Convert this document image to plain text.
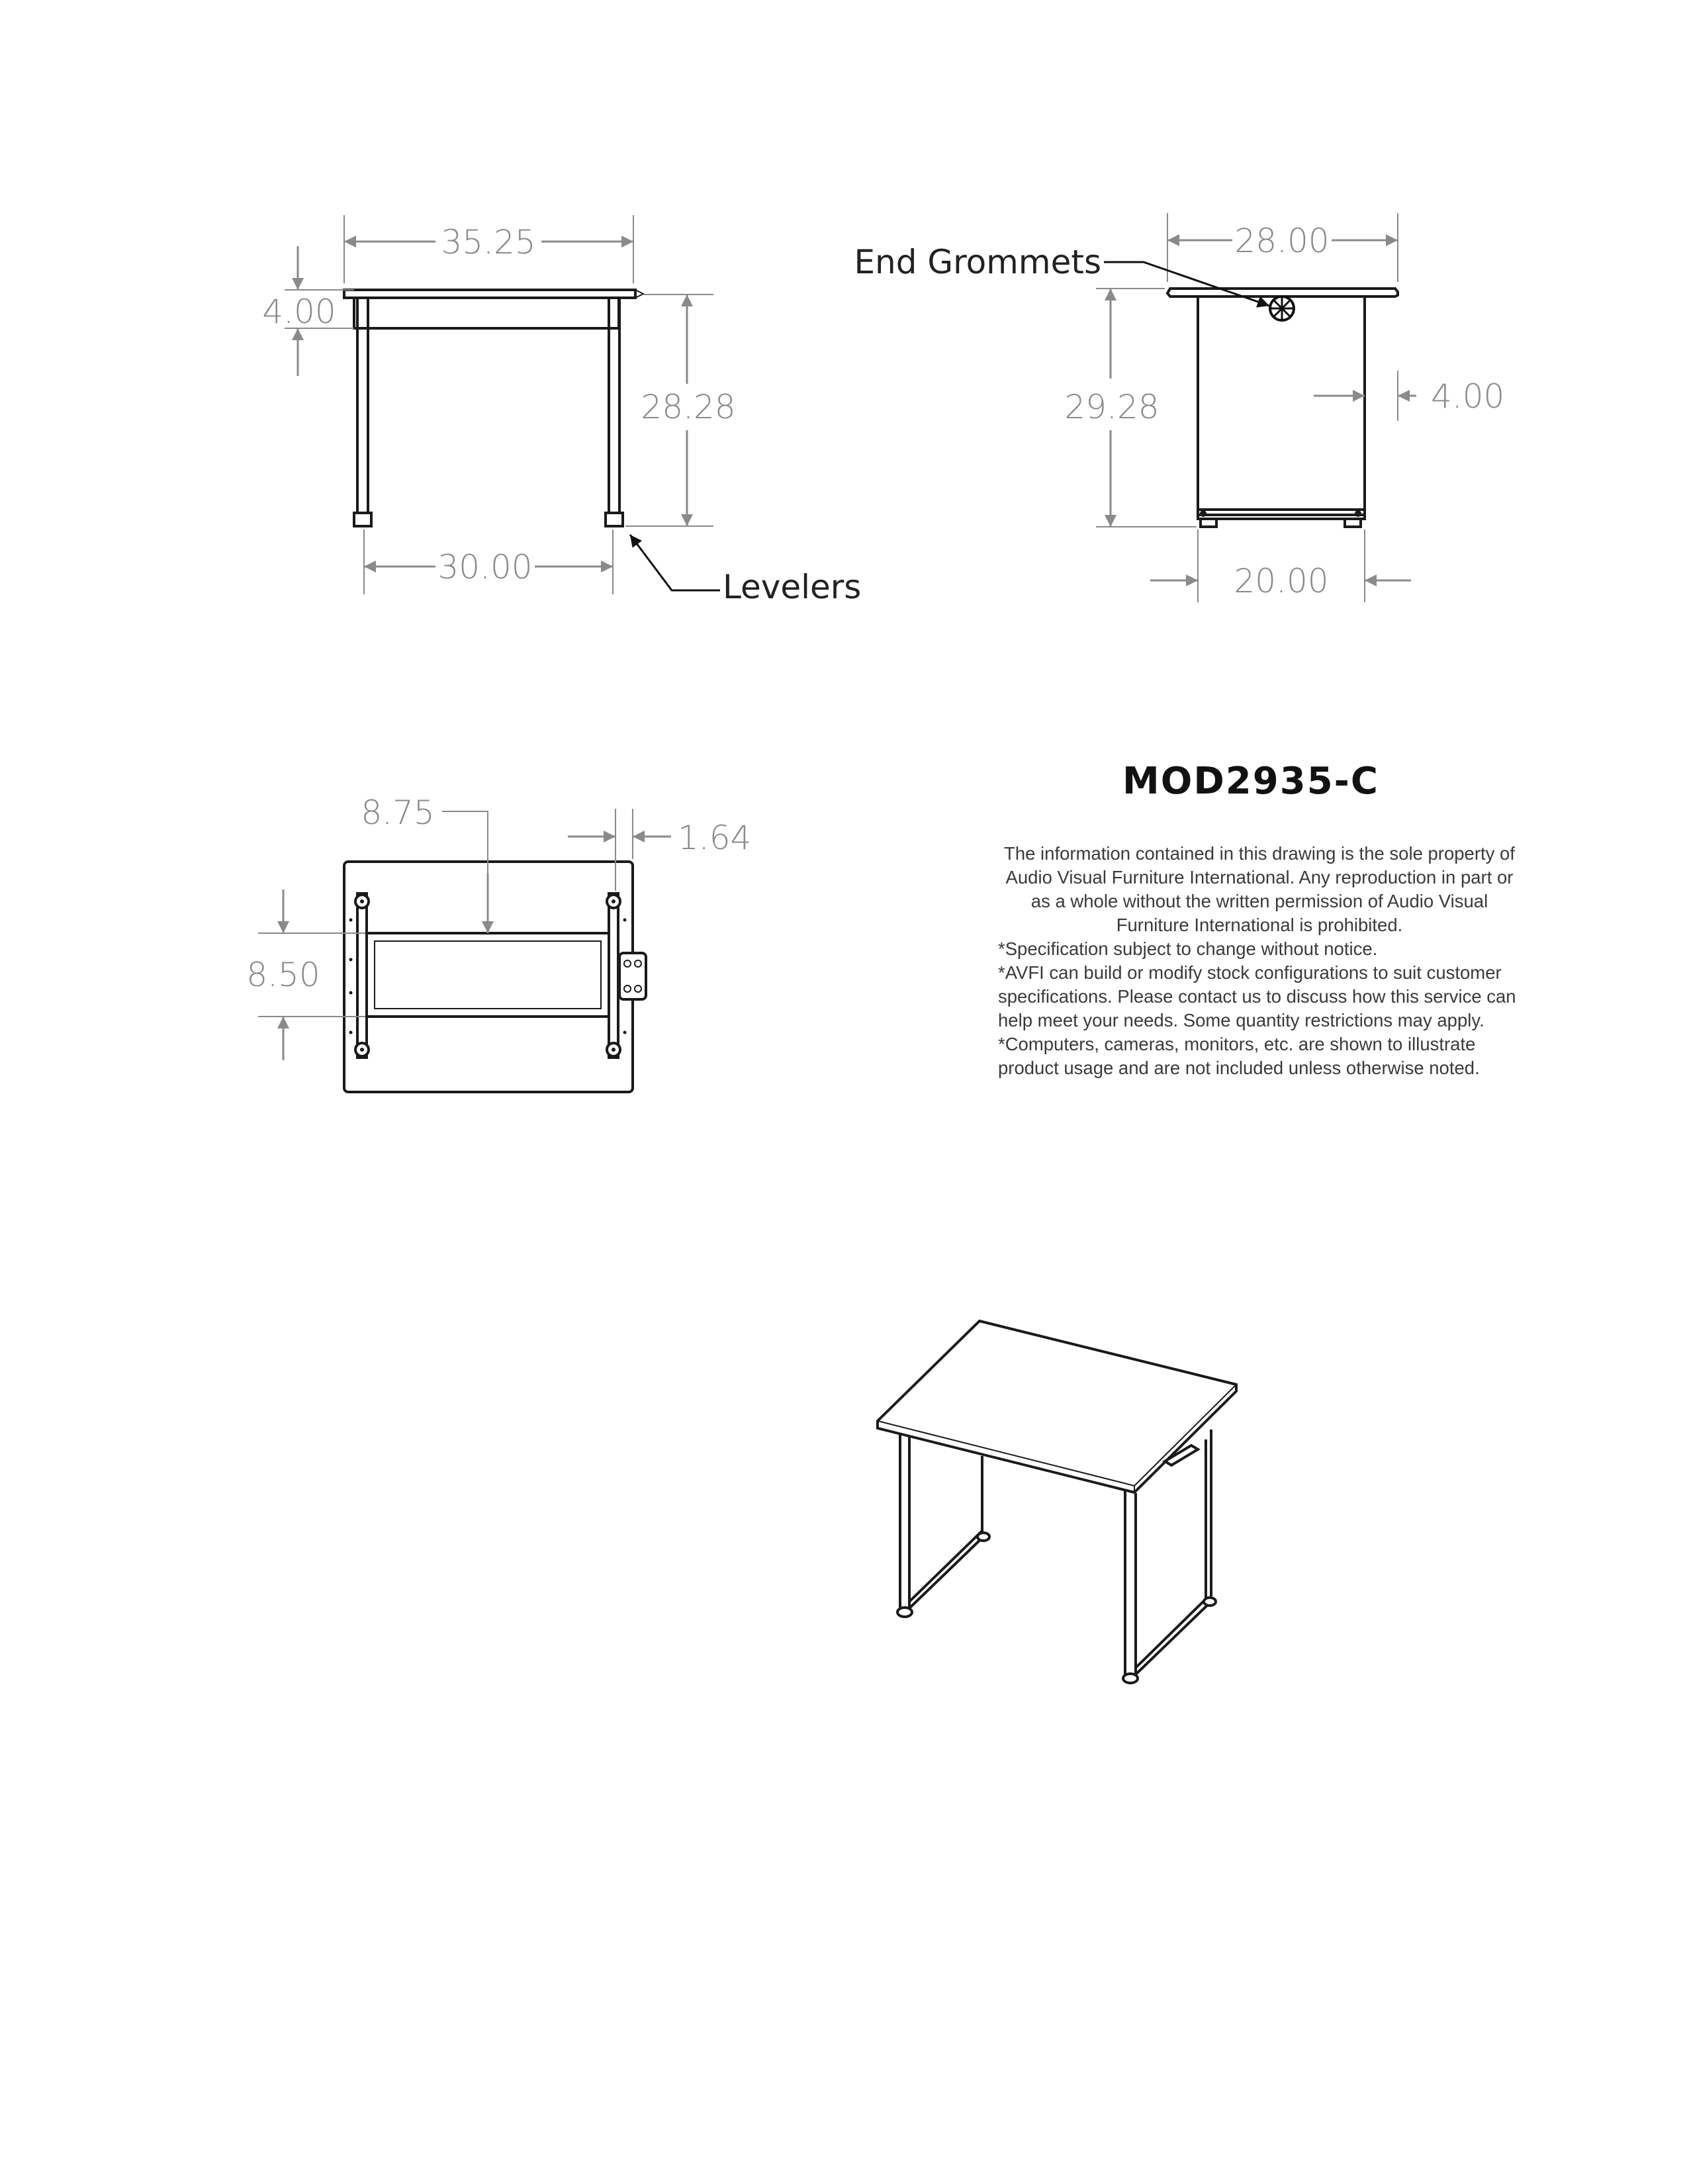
35.25
4.00
28.28
30.00
Levelers
28.00
29.28	4.00
20.00
End Grommets
8.75
1.64
8.50
MOD2935-C

The information contained in this drawing is the sole property of

Audio Visual Furniture International. Any reproduction in part or

as a whole without the written permission of Audio Visual

Furniture International is prohibited.

*Specification subject to change without notice.

*AVFI can build or modify stock configurations to suit customer

specifications. Please contact us to discuss how this service can

help meet your needs. Some quantity restrictions may apply.

*Computers, cameras, monitors, etc. are shown to illustrate

product usage and are not included unless otherwise noted.
